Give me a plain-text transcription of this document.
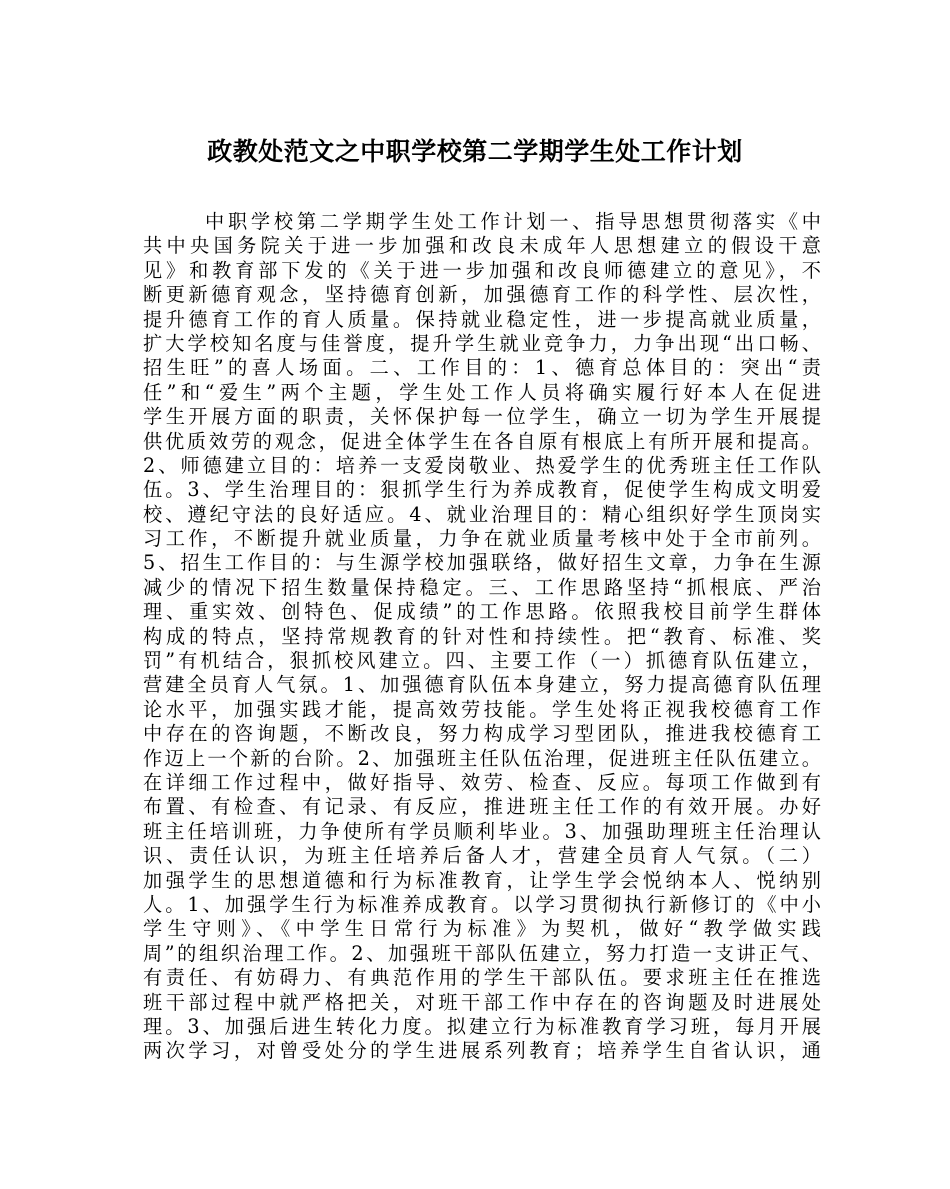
政教处范文之中职学校第二学期学生处工作计划
中职学校第二学期学生处工作计划一、指导思想贯彻落实《中
共中央国务院关于进一步加强和改良未成年人思想建立的假设干意
见》和教育部下发的《关于进一步加强和改良师德建立的意见》，不
断更新德育观念，坚持德育创新，加强德育工作的科学性、层次性，
提升德育工作的育人质量。保持就业稳定性，进一步提高就业质量，
扩大学校知名度与佳誉度，提升学生就业竞争力，力争出现“出口畅、
招生旺”的喜人场面。二、工作目的：1、德育总体目的：突出“责
任”和“爱生”两个主题，学生处工作人员将确实履行好本人在促进
学生开展方面的职责，关怀保护每一位学生，确立一切为学生开展提
供优质效劳的观念，促进全体学生在各自原有根底上有所开展和提高。
2、师德建立目的：培养一支爱岗敬业、热爱学生的优秀班主任工作队
伍。3、学生治理目的：狠抓学生行为养成教育，促使学生构成文明爱
校、遵纪守法的良好适应。4、就业治理目的：精心组织好学生顶岗实
习工作，不断提升就业质量，力争在就业质量考核中处于全市前列。
5、招生工作目的：与生源学校加强联络，做好招生文章，力争在生源
减少的情况下招生数量保持稳定。三、工作思路坚持“抓根底、严治
理、重实效、创特色、促成绩”的工作思路。依照我校目前学生群体
构成的特点，坚持常规教育的针对性和持续性。把“教育、标准、奖
罚”有机结合，狠抓校风建立。四、主要工作（一）抓德育队伍建立，
营建全员育人气氛。1、加强德育队伍本身建立，努力提高德育队伍理
论水平，加强实践才能，提高效劳技能。学生处将正视我校德育工作
中存在的咨询题，不断改良，努力构成学习型团队，推进我校德育工
作迈上一个新的台阶。2、加强班主任队伍治理，促进班主任队伍建立。
在详细工作过程中，做好指导、效劳、检查、反应。每项工作做到有
布置、有检查、有记录、有反应，推进班主任工作的有效开展。办好
班主任培训班，力争使所有学员顺利毕业。3、加强助理班主任治理认
识、责任认识，为班主任培养后备人才，营建全员育人气氛。（二）
加强学生的思想道德和行为标准教育，让学生学会悦纳本人、悦纳别
人。1、加强学生行为标准养成教育。以学习贯彻执行新修订的《中小
学生守则》、《中学生日常行为标准》为契机，做好“教学做实践
周”的组织治理工作。2、加强班干部队伍建立，努力打造一支讲正气、
有责任、有妨碍力、有典范作用的学生干部队伍。要求班主任在推选
班干部过程中就严格把关，对班干部工作中存在的咨询题及时进展处
理。3、加强后进生转化力度。拟建立行为标准教育学习班，每月开展
两次学习，对曾受处分的学生进展系列教育；培养学生自省认识，通
